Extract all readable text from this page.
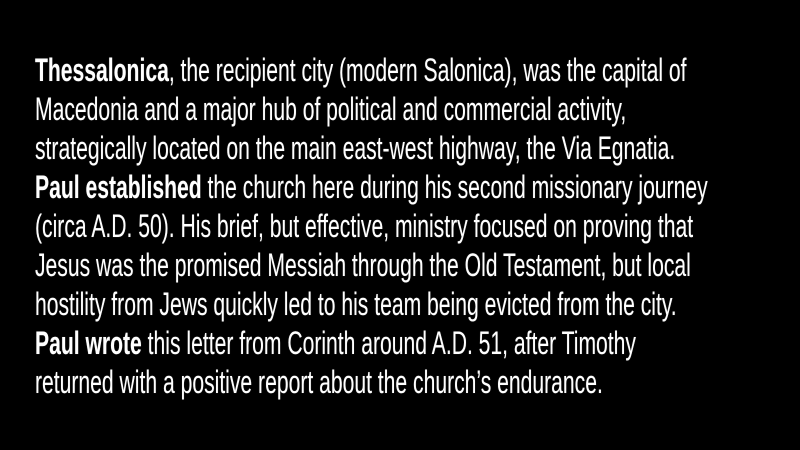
Thessalonica, the recipient city (modern Salonica), was the capital of
Macedonia and a major hub of political and commercial activity,
strategically located on the main east-west highway, the Via Egnatia.
Paul established the church here during his second missionary journey
(circa A.D. 50). His brief, but effective, ministry focused on proving that
Jesus was the promised Messiah through the Old Testament, but local
hostility from Jews quickly led to his team being evicted from the city.
Paul wrote this letter from Corinth around A.D. 51, after Timothy
returned with a positive report about the church’s endurance.
